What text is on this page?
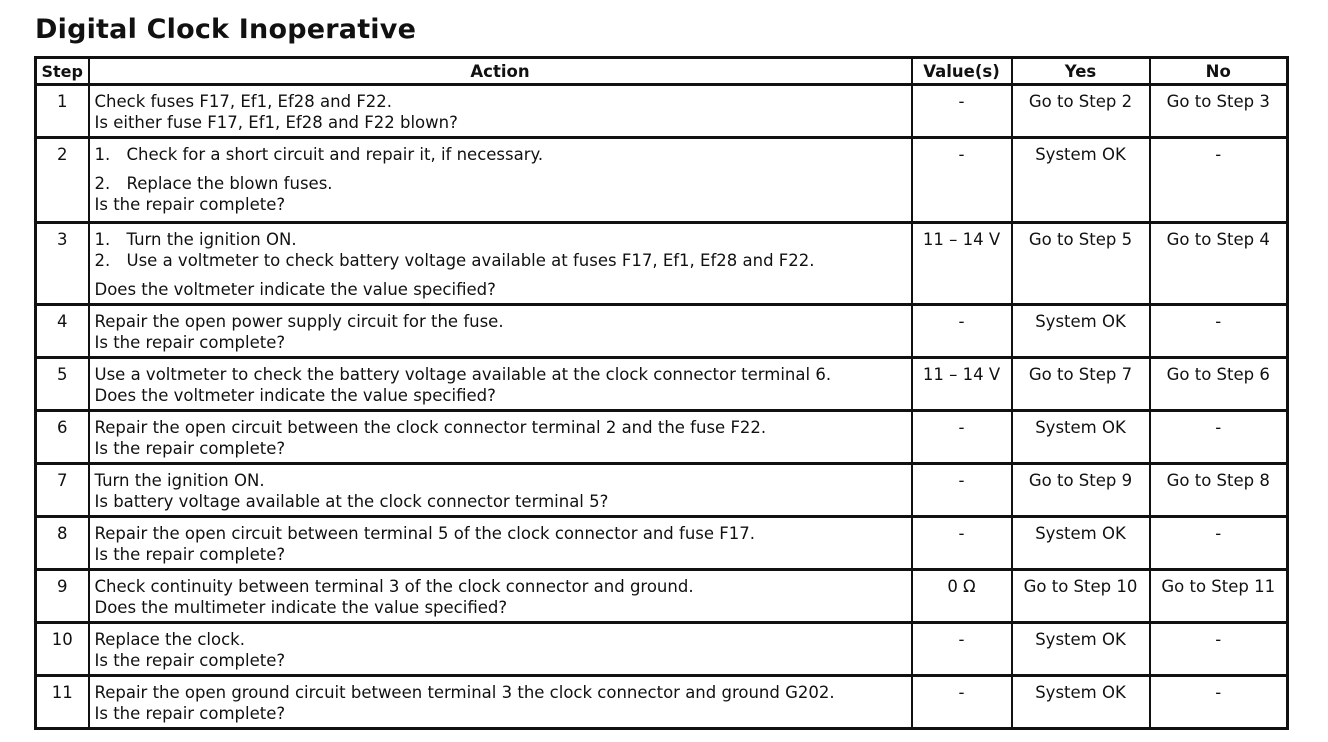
Digital Clock Inoperative
Step	Action	Value(s)	Yes	No
1	Check fuses F17, Ef1, Ef28 and F22.
Is either fuse F17, Ef1, Ef28 and F22 blown?	-	Go to Step 2	Go to Step 3
2	1. Check for a short circuit and repair it, if necessary.
2. Replace the blown fuses.
Is the repair complete?	-	System OK	-
3	1. Turn the ignition ON.
2. Use a voltmeter to check battery voltage available at fuses F17, Ef1, Ef28 and F22.
Does the voltmeter indicate the value specified?	11 – 14 V	Go to Step 5	Go to Step 4
4	Repair the open power supply circuit for the fuse.
Is the repair complete?	-	System OK	-
5	Use a voltmeter to check the battery voltage available at the clock connector terminal 6.
Does the voltmeter indicate the value specified?	11 – 14 V	Go to Step 7	Go to Step 6
6	Repair the open circuit between the clock connector terminal 2 and the fuse F22.
Is the repair complete?	-	System OK	-
7	Turn the ignition ON.
Is battery voltage available at the clock connector terminal 5?	-	Go to Step 9	Go to Step 8
8	Repair the open circuit between terminal 5 of the clock connector and fuse F17.
Is the repair complete?	-	System OK	-
9	Check continuity between terminal 3 of the clock connector and ground.
Does the multimeter indicate the value specified?	0 Ω	Go to Step 10	Go to Step 11
10	Replace the clock.
Is the repair complete?	-	System OK	-
11	Repair the open ground circuit between terminal 3 the clock connector and ground G202.
Is the repair complete?	-	System OK	-
